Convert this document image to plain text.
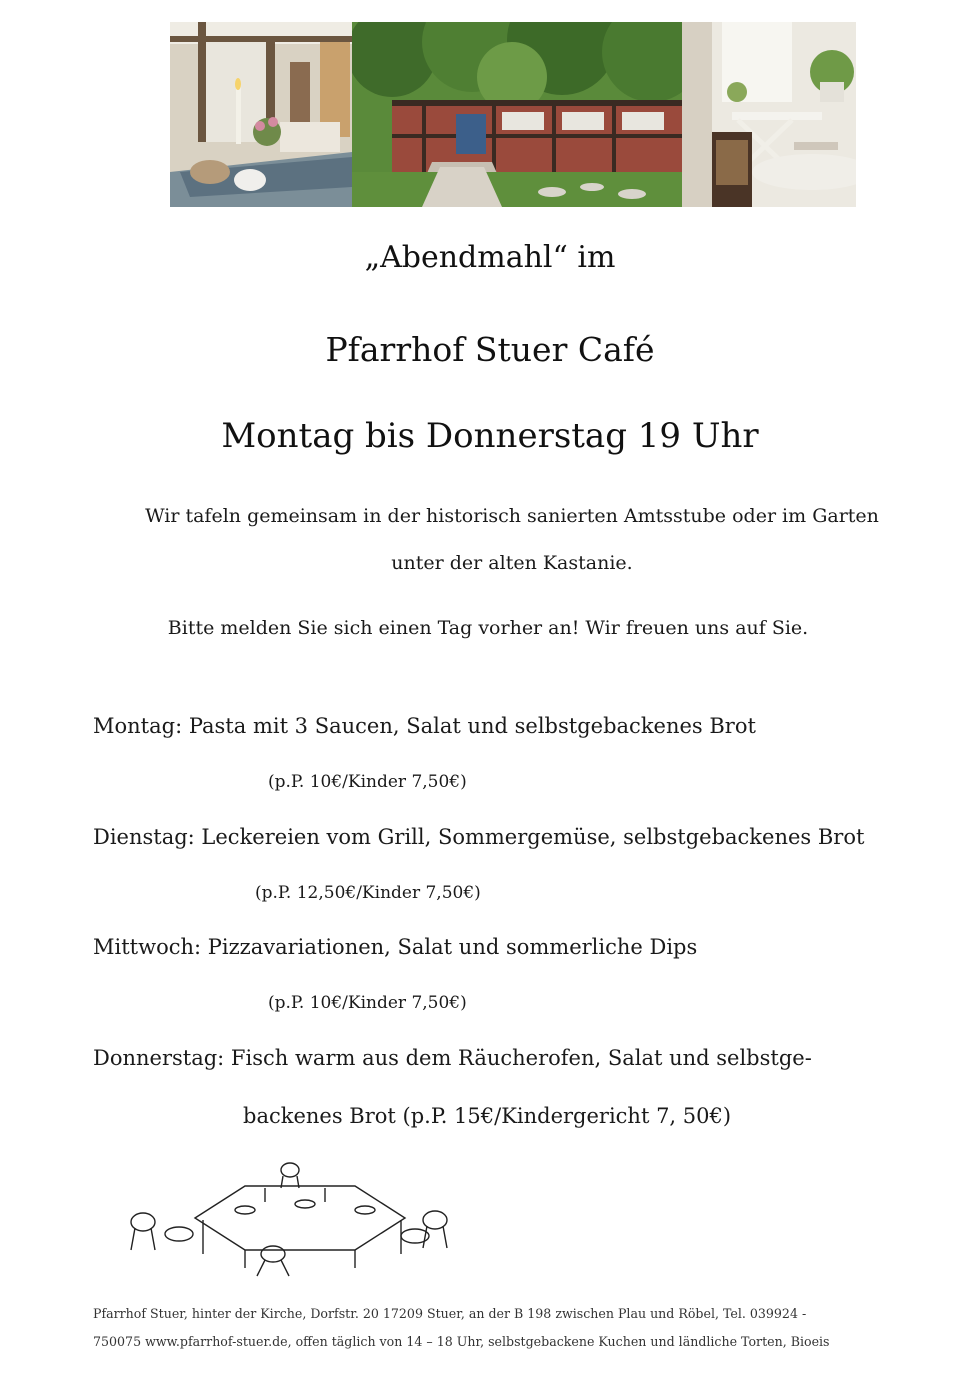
„Abendmahl“ im
Pfarrhof Stuer Café
Montag bis Donnerstag 19 Uhr
Wir tafeln gemeinsam in der historisch sanierten Amtsstube oder im Garten
unter der alten Kastanie.
Bitte melden Sie sich einen Tag vorher an! Wir freuen uns auf Sie.
Montag: Pasta mit 3 Saucen, Salat und selbstgebackenes Brot
(p.P. 10€/Kinder 7,50€)
Dienstag: Leckereien vom Grill, Sommergemüse, selbstgebackenes Brot
(p.P. 12,50€/Kinder 7,50€)
Mittwoch: Pizzavariationen, Salat und sommerliche Dips
(p.P. 10€/Kinder 7,50€)
Donnerstag: Fisch warm aus dem Räucherofen, Salat und selbstge-
backenes Brot (p.P. 15€/Kindergericht 7, 50€)
Pfarrhof Stuer, hinter der Kirche, Dorfstr. 20 17209 Stuer, an der B 198 zwischen Plau und Röbel, Tel. 039924 -
750075 www.pfarrhof-stuer.de, offen täglich von 14 – 18 Uhr, selbstgebackene Kuchen und ländliche Torten, Bioeis
